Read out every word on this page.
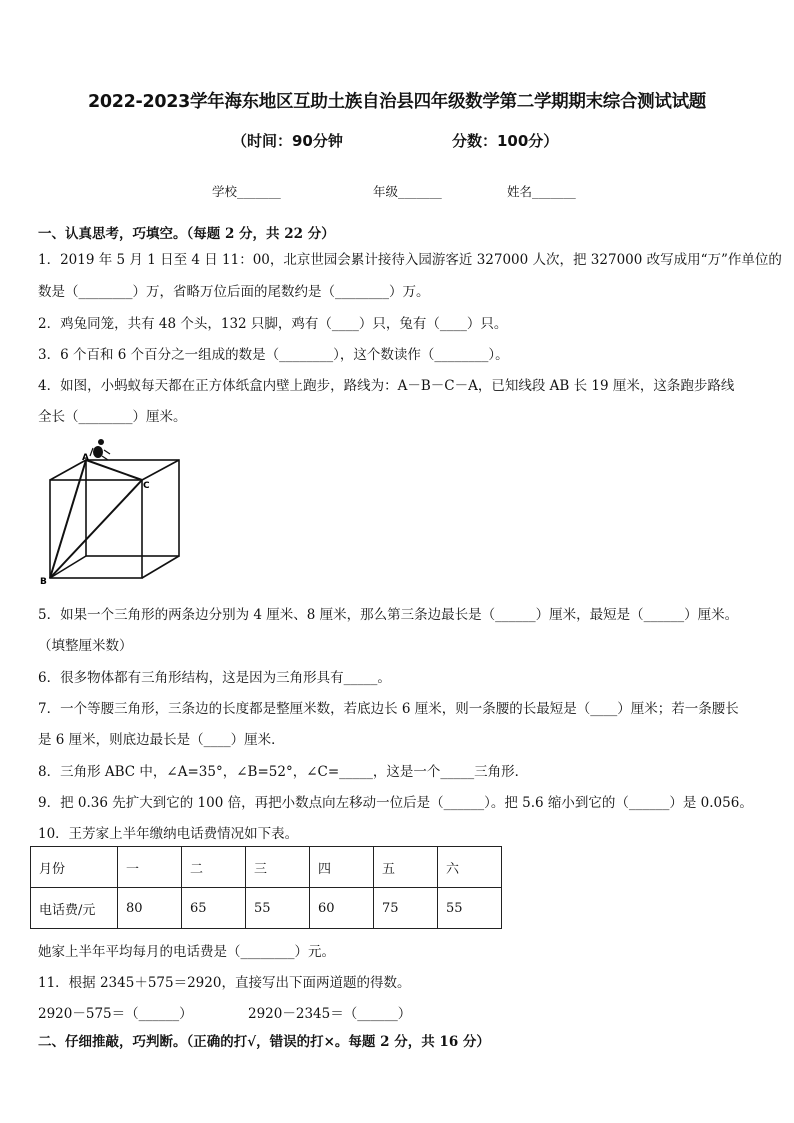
2022-2023学年海东地区互助土族自治县四年级数学第二学期期末综合测试试题
（时间：90分钟	分数：100分）
学校_______	年级_______	姓名_______
一、认真思考，巧填空。（每题 2 分，共 22 分）
1．2019 年 5 月 1 日至 4 日 11：00，北京世园会累计接待入园游客近 327000 人次，把 327000 改写成用“万”作单位的
数是（________）万，省略万位后面的尾数约是（________）万。
2．鸡兔同笼，共有 48 个头，132 只脚，鸡有（____）只，兔有（____）只。
3．6 个百和 6 个百分之一组成的数是（________），这个数读作（________）。
4．如图，小蚂蚁每天都在正方体纸盒内壁上跑步，路线为：A－B－C－A，已知线段 AB 长 19 厘米，这条跑步路线
全长（________）厘米。
A
B
C
5．如果一个三角形的两条边分别为 4 厘米、8 厘米，那么第三条边最长是（______）厘米，最短是（______）厘米。
（填整厘米数）
6．很多物体都有三角形结构，这是因为三角形具有_____。
7．一个等腰三角形，三条边的长度都是整厘米数，若底边长 6 厘米，则一条腰的长最短是（____）厘米；若一条腰长
是 6 厘米，则底边最长是（____）厘米．
8．三角形 ABC 中，∠A=35°，∠B=52°，∠C=_____，这是一个_____三角形．
9．把 0.36 先扩大到它的 100 倍，再把小数点向左移动一位后是（______）。把 5.6 缩小到它的（______）是 0.056。
10．王芳家上半年缴纳电话费情况如下表。
月份	一	二	三	四	五	六
电话费/元	80	65	55	60	75	55
她家上半年平均每月的电话费是（________）元。
11．根据 2345＋575＝2920，直接写出下面两道题的得数。
2920－575＝（______）	2920－2345＝（______）
二、仔细推敲，巧判断。（正确的打√，错误的打×。每题 2 分，共 16 分）
